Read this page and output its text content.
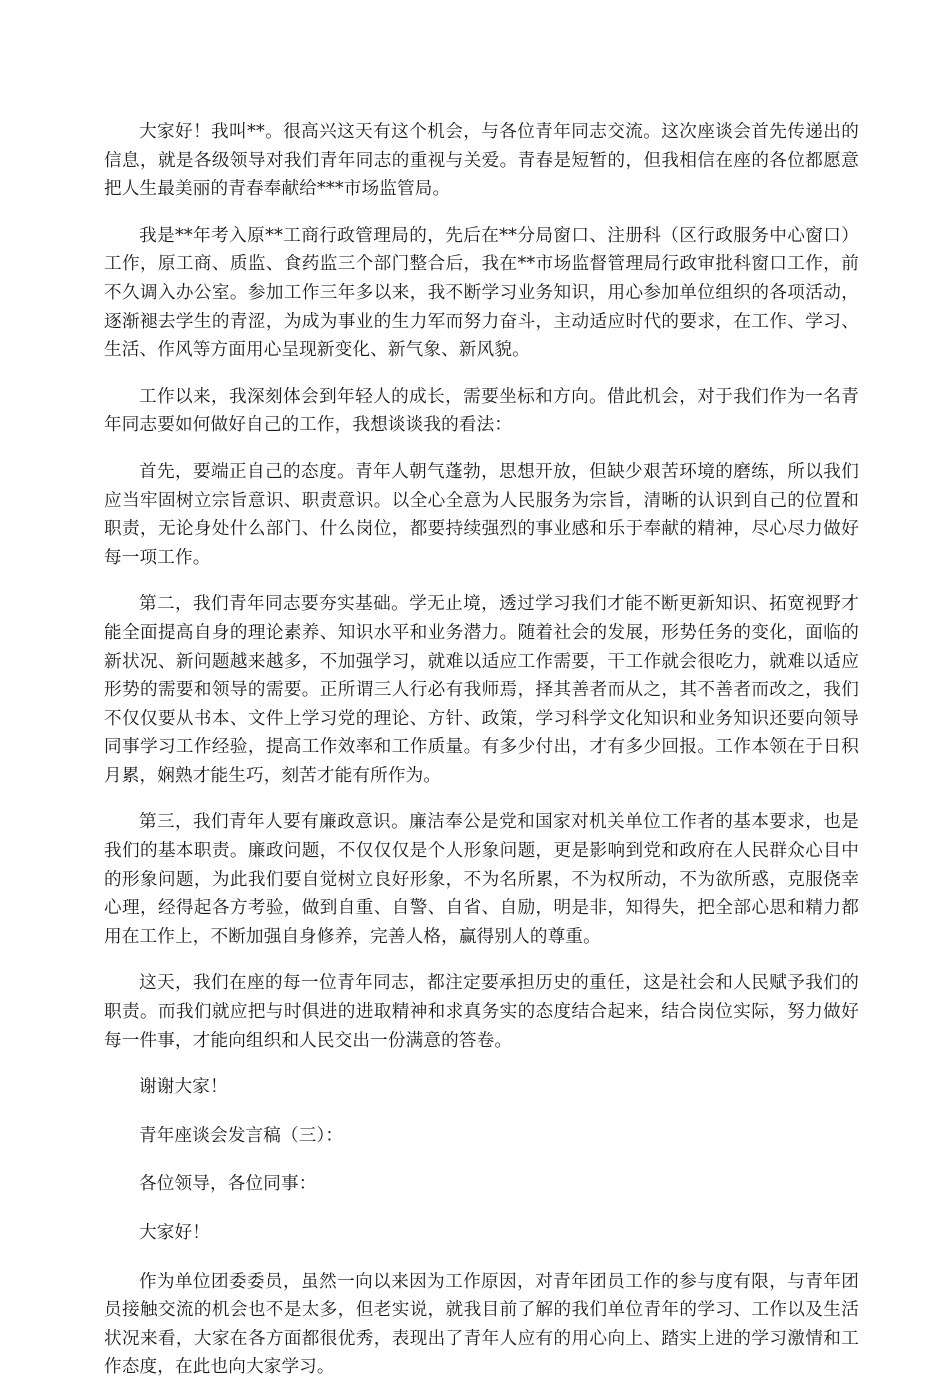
大家好！我叫**。很高兴这天有这个机会，与各位青年同志交流。这次座谈会首先传递出的信息，就是各级领导对我们青年同志的重视与关爱。青春是短暂的，但我相信在座的各位都愿意把人生最美丽的青春奉献给***市场监管局。

我是**年考入原**工商行政管理局的，先后在**分局窗口、注册科（区行政服务中心窗口）工作，原工商、质监、食药监三个部门整合后，我在**市场监督管理局行政审批科窗口工作，前不久调入办公室。参加工作三年多以来，我不断学习业务知识，用心参加单位组织的各项活动，逐渐褪去学生的青涩，为成为事业的生力军而努力奋斗，主动适应时代的要求，在工作、学习、生活、作风等方面用心呈现新变化、新气象、新风貌。

工作以来，我深刻体会到年轻人的成长，需要坐标和方向。借此机会，对于我们作为一名青年同志要如何做好自己的工作，我想谈谈我的看法：

首先，要端正自己的态度。青年人朝气蓬勃，思想开放，但缺少艰苦环境的磨练，所以我们应当牢固树立宗旨意识、职责意识。以全心全意为人民服务为宗旨，清晰的认识到自己的位置和职责，无论身处什么部门、什么岗位，都要持续强烈的事业感和乐于奉献的精神，尽心尽力做好每一项工作。

第二，我们青年同志要夯实基础。学无止境，透过学习我们才能不断更新知识、拓宽视野才能全面提高自身的理论素养、知识水平和业务潜力。随着社会的发展，形势任务的变化，面临的新状况、新问题越来越多，不加强学习，就难以适应工作需要，干工作就会很吃力，就难以适应形势的需要和领导的需要。正所谓三人行必有我师焉，择其善者而从之，其不善者而改之，我们不仅仅要从书本、文件上学习党的理论、方针、政策，学习科学文化知识和业务知识还要向领导同事学习工作经验，提高工作效率和工作质量。有多少付出，才有多少回报。工作本领在于日积月累，娴熟才能生巧，刻苦才能有所作为。

第三，我们青年人要有廉政意识。廉洁奉公是党和国家对机关单位工作者的基本要求，也是我们的基本职责。廉政问题，不仅仅仅是个人形象问题，更是影响到党和政府在人民群众心目中的形象问题，为此我们要自觉树立良好形象，不为名所累，不为权所动，不为欲所惑，克服侥幸心理，经得起各方考验，做到自重、自警、自省、自励，明是非，知得失，把全部心思和精力都用在工作上，不断加强自身修养，完善人格，赢得别人的尊重。

这天，我们在座的每一位青年同志，都注定要承担历史的重任，这是社会和人民赋予我们的职责。而我们就应把与时俱进的进取精神和求真务实的态度结合起来，结合岗位实际，努力做好每一件事，才能向组织和人民交出一份满意的答卷。

谢谢大家！

青年座谈会发言稿（三）：

各位领导，各位同事：

大家好！

作为单位团委委员，虽然一向以来因为工作原因，对青年团员工作的参与度有限，与青年团员接触交流的机会也不是太多，但老实说，就我目前了解的我们单位青年的学习、工作以及生活状况来看，大家在各方面都很优秀，表现出了青年人应有的用心向上、踏实上进的学习激情和工作态度，在此也向大家学习。
